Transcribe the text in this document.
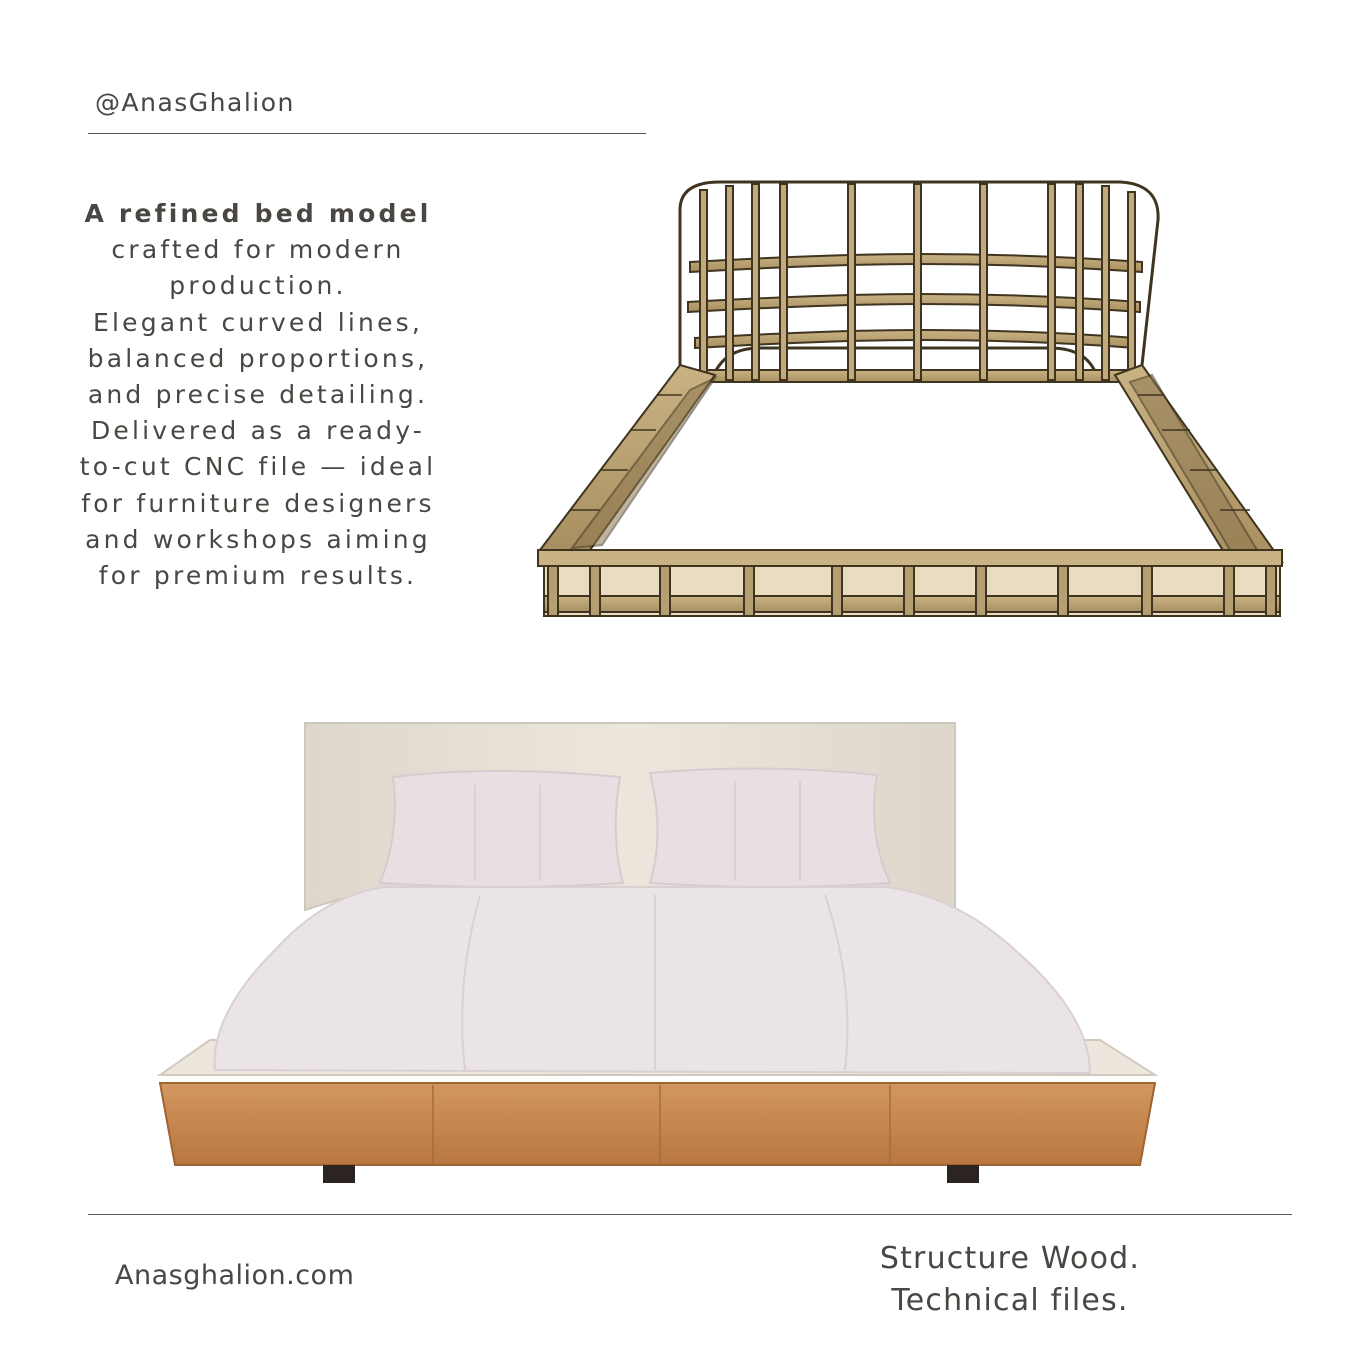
@AnasGhalion
A refined bed model
crafted for modern
production.
Elegant curved lines,
balanced proportions,
and precise detailing.
Delivered as a ready-
to-cut CNC file — ideal
for furniture designers
and workshops aiming
for premium results.
Anasghalion.com	Structure Wood.
Technical files.
